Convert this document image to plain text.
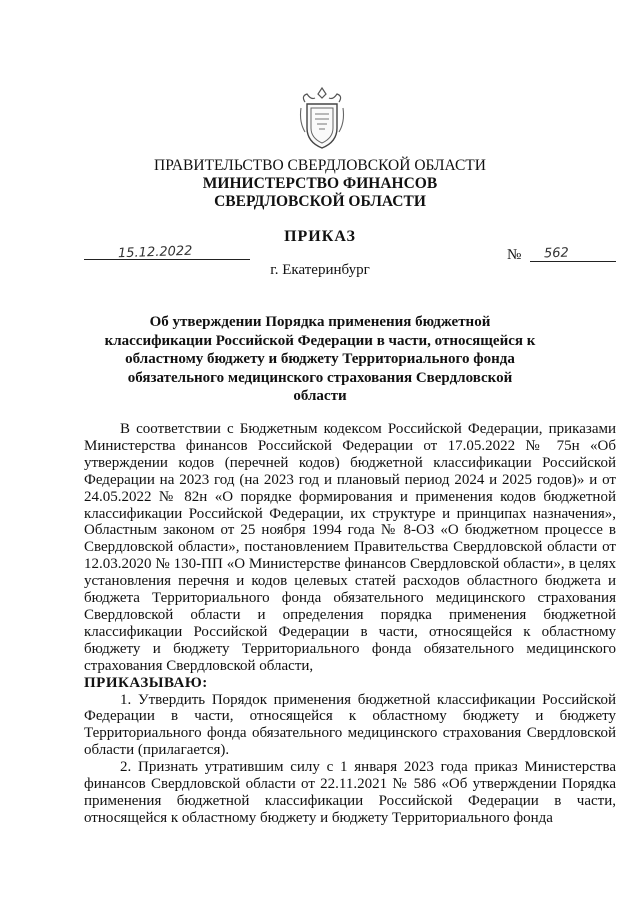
ПРАВИТЕЛЬСТВО СВЕРДЛОВСКОЙ ОБЛАСТИ
МИНИСТЕРСТВО ФИНАНСОВ
СВЕРДЛОВСКОЙ ОБЛАСТИ
ПРИКАЗ
15.12.2022	№ 562
г. Екатеринбург
Об утверждении Порядка применения бюджетной классификации Российской Федерации в части, относящейся к областному бюджету и бюджету Территориального фонда обязательного медицинского страхования Свердловской области

В соответствии с Бюджетным кодексом Российской Федерации, приказами Министерства финансов Российской Федерации от 17.05.2022 № 75н «Об утверждении кодов (перечней кодов) бюджетной классификации Российской Федерации на 2023 год (на 2023 год и плановый период 2024 и 2025 годов)» и от 24.05.2022 № 82н «О порядке формирования и применения кодов бюджетной классификации Российской Федерации, их структуре и принципах назначения», Областным законом от 25 ноября 1994 года № 8-ОЗ «О бюджетном процессе в Свердловской области», постановлением Правительства Свердловской области от 12.03.2020 № 130-ПП «О Министерстве финансов Свердловской области», в целях установления перечня и кодов целевых статей расходов областного бюджета и бюджета Территориального фонда обязательного медицинского страхования Свердловской области и определения порядка применения бюджетной классификации Российской Федерации в части, относящейся к областному бюджету и бюджету Территориального фонда обязательного медицинского страхования Свердловской области,

ПРИКАЗЫВАЮ:

1. Утвердить Порядок применения бюджетной классификации Российской Федерации в части, относящейся к областному бюджету и бюджету Территориального фонда обязательного медицинского страхования Свердловской области (прилагается).

2. Признать утратившим силу с 1 января 2023 года приказ Министерства финансов Свердловской области от 22.11.2021 № 586 «Об утверждении Порядка применения бюджетной классификации Российской Федерации в части, относящейся к областному бюджету и бюджету Территориального фонда
